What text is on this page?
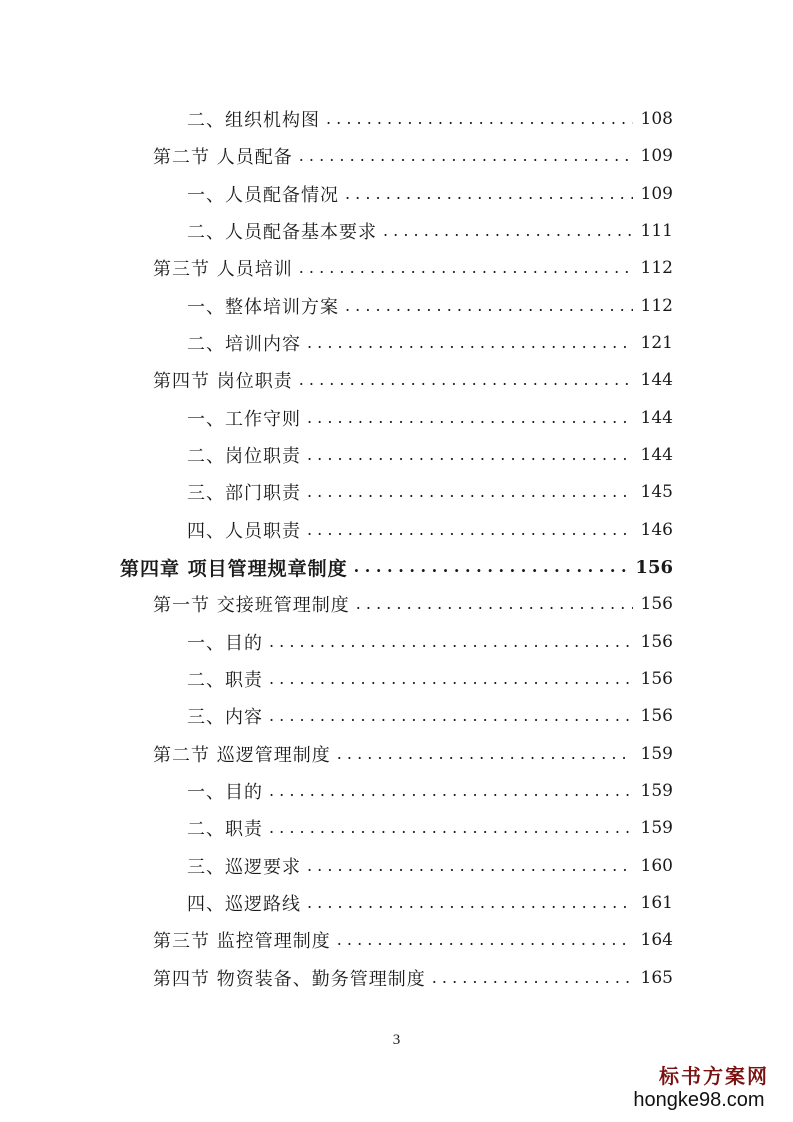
二、组织机构图 . . .	108
第二节 人员配备 . . .	109
一、人员配备情况 . . .	109
二、人员配备基本要求 . . .	111
第三节 人员培训 . . .	112
一、整体培训方案 . . .	112
二、培训内容 . . .	121
第四节 岗位职责 . . .	144
一、工作守则 . . .	144
二、岗位职责 . . .	144
三、部门职责 . . .	145
四、人员职责 . . .	146
第四章 项目管理规章制度 . . .	156
第一节 交接班管理制度 . . .	156
一、目的 . . .	156
二、职责 . . .	156
三、内容 . . .	156
第二节 巡逻管理制度 . . .	159
一、目的 . . .	159
二、职责 . . .	159
三、巡逻要求 . . .	160
四、巡逻路线 . . .	161
第三节 监控管理制度 . . .	164
第四节 物资装备、勤务管理制度 . . .	165
3
标书方案网
hongke98.com
